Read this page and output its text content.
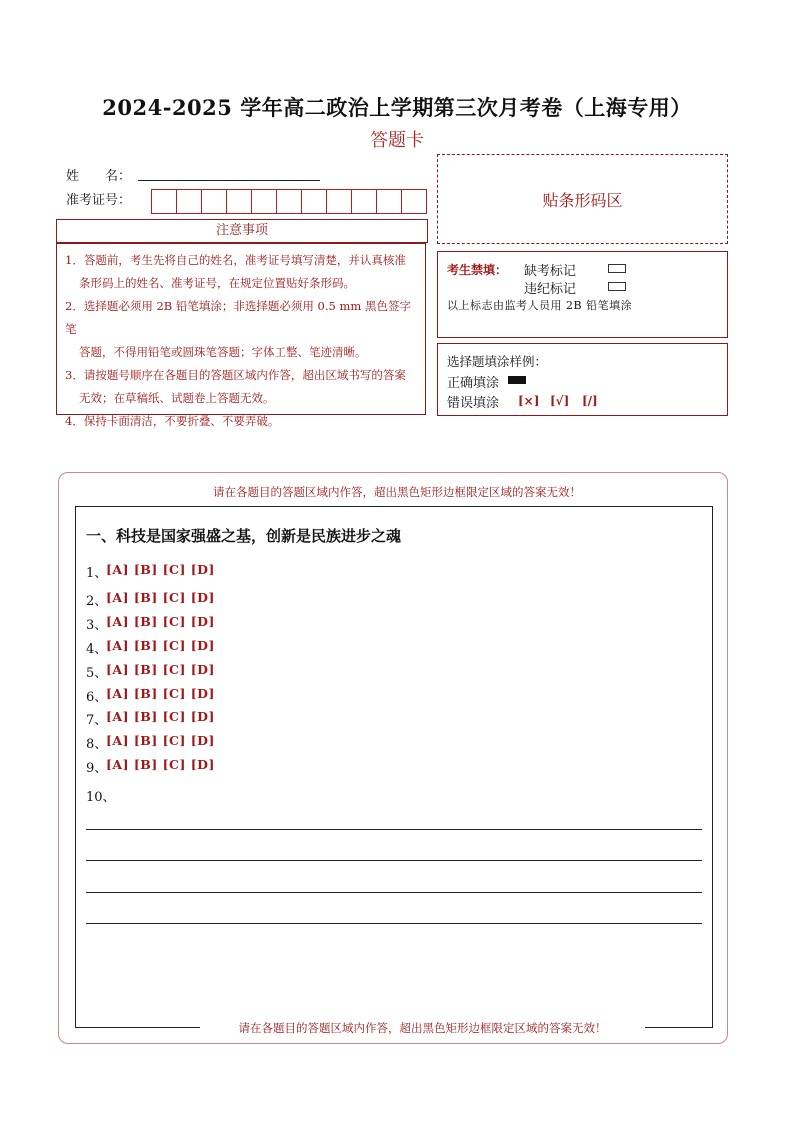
2024-2025 学年高二政治上学期第三次月考卷（上海专用）
答题卡
姓　　名：
准考证号：
注意事项
1．答题前，考生先将自己的姓名，准考证号填写清楚，并认真核准
条形码上的姓名、准考证号，在规定位置贴好条形码。
2．选择题必须用 2B 铅笔填涂；非选择题必须用 0.5 mm 黑色签字笔
答题，不得用铅笔或圆珠笔答题；字体工整、笔迹清晰。
3．请按题号顺序在各题目的答题区域内作答，超出区域书写的答案
无效；在草稿纸、试题卷上答题无效。
4．保持卡面清洁，不要折叠、不要弄破。
贴条形码区
考生禁填： 缺考标记
违纪标记
以上标志由监考人员用 2B 铅笔填涂
选择题填涂样例：
正确填涂
错误填涂 [×] [√] [/]
请在各题目的答题区域内作答，超出黑色矩形边框限定区域的答案无效！
一、科技是国家强盛之基，创新是民族进步之魂
1、
[A] [B] [C] [D]
2、
[A] [B] [C] [D]
3、
[A] [B] [C] [D]
4、
[A] [B] [C] [D]
5、
[A] [B] [C] [D]
6、
[A] [B] [C] [D]
7、
[A] [B] [C] [D]
8、
[A] [B] [C] [D]
9、
[A] [B] [C] [D]
10、
请在各题目的答题区域内作答，超出黑色矩形边框限定区域的答案无效！
